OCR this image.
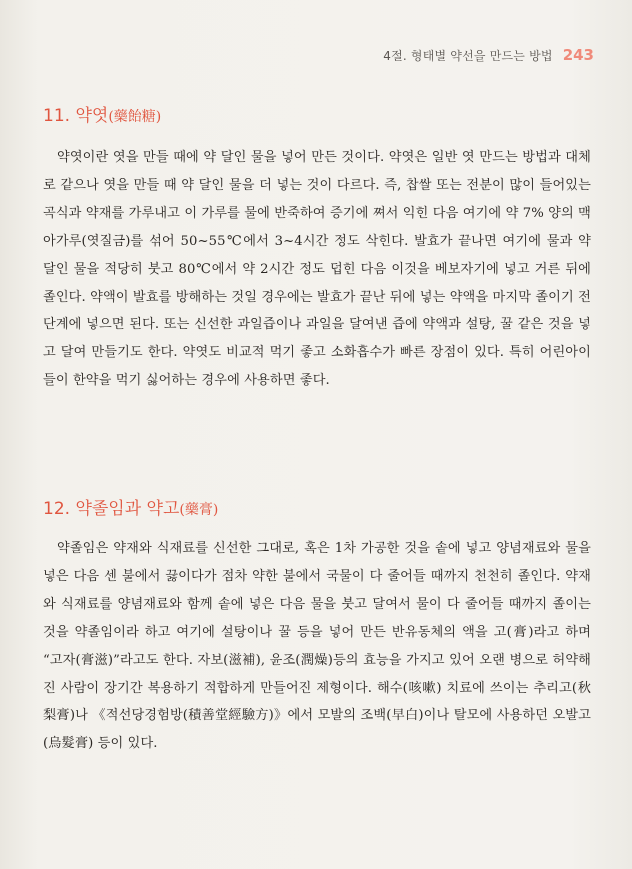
4절. 형태별 약선을 만드는 방법 243
11. 약엿(藥飴糖)

약엿이란 엿을 만들 때에 약 달인 물을 넣어 만든 것이다. 약엿은 일반 엿 만드는 방법과 대체로 같으나 엿을 만들 때 약 달인 물을 더 넣는 것이 다르다. 즉, 찹쌀 또는 전분이 많이 들어있는 곡식과 약재를 가루내고 이 가루를 물에 반죽하여 증기에 쪄서 익힌 다음 여기에 약 7% 양의 맥아가루(엿질금)를 섞어 50~55℃에서 3~4시간 정도 삭힌다. 발효가 끝나면 여기에 물과 약 달인 물을 적당히 붓고 80℃에서 약 2시간 정도 덥힌 다음 이것을 베보자기에 넣고 거른 뒤에 졸인다. 약액이 발효를 방해하는 것일 경우에는 발효가 끝난 뒤에 넣는 약액을 마지막 졸이기 전 단계에 넣으면 된다. 또는 신선한 과일즙이나 과일을 달여낸 즙에 약액과 설탕, 꿀 같은 것을 넣고 달여 만들기도 한다. 약엿도 비교적 먹기 좋고 소화흡수가 빠른 장점이 있다. 특히 어린아이들이 한약을 먹기 싫어하는 경우에 사용하면 좋다.

12. 약졸임과 약고(藥膏)

약졸임은 약재와 식재료를 신선한 그대로, 혹은 1차 가공한 것을 솥에 넣고 양념재료와 물을 넣은 다음 센 불에서 끓이다가 점차 약한 불에서 국물이 다 줄어들 때까지 천천히 졸인다. 약재와 식재료를 양념재료와 함께 솥에 넣은 다음 물을 붓고 달여서 물이 다 줄어들 때까지 졸이는 것을 약졸임이라 하고 여기에 설탕이나 꿀 등을 넣어 만든 반유동체의 액을 고(膏)라고 하며 “고자(膏滋)”라고도 한다. 자보(滋補), 윤조(潤燥)등의 효능을 가지고 있어 오랜 병으로 허약해진 사람이 장기간 복용하기 적합하게 만들어진 제형이다. 해수(咳嗽) 치료에 쓰이는 추리고(秋梨膏)나 《적선당경험방(積善堂經驗方)》에서 모발의 조백(早白)이나 탈모에 사용하던 오발고(烏髮膏) 등이 있다.
